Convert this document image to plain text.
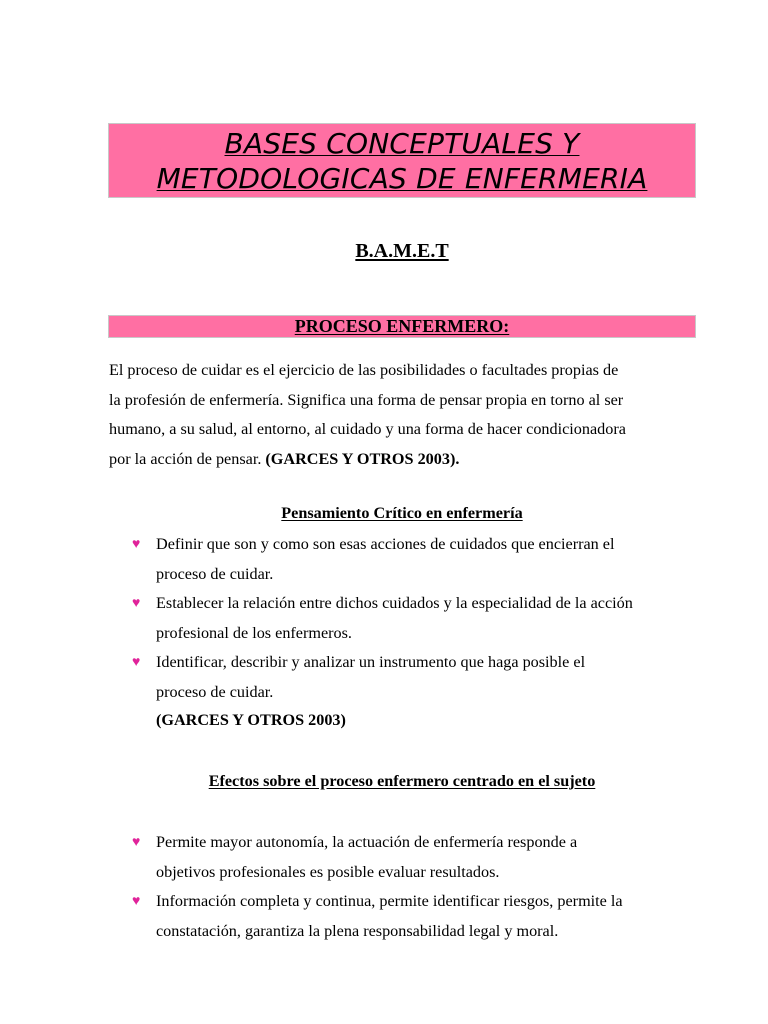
BASES CONCEPTUALES Y
METODOLOGICAS DE ENFERMERIA
B.A.M.E.T
PROCESO ENFERMERO:

El proceso de cuidar es el ejercicio de las posibilidades o facultades propias de
la profesión de enfermería. Significa una forma de pensar propia en torno al ser
humano, a su salud, al entorno, al cuidado y una forma de hacer condicionadora
por la acción de pensar. (GARCES Y OTROS 2003).

Pensamiento Crítico en enfermería
♥ Definir que son y como son esas acciones de cuidados que encierran el
proceso de cuidar.
♥ Establecer la relación entre dichos cuidados y la especialidad de la acción
profesional de los enfermeros.
♥ Identificar, describir y analizar un instrumento que haga posible el
proceso de cuidar.
(GARCES Y OTROS 2003)
Efectos sobre el proceso enfermero centrado en el sujeto
♥ Permite mayor autonomía, la actuación de enfermería responde a
objetivos profesionales es posible evaluar resultados.
♥ Información completa y continua, permite identificar riesgos, permite la
constatación, garantiza la plena responsabilidad legal y moral.
